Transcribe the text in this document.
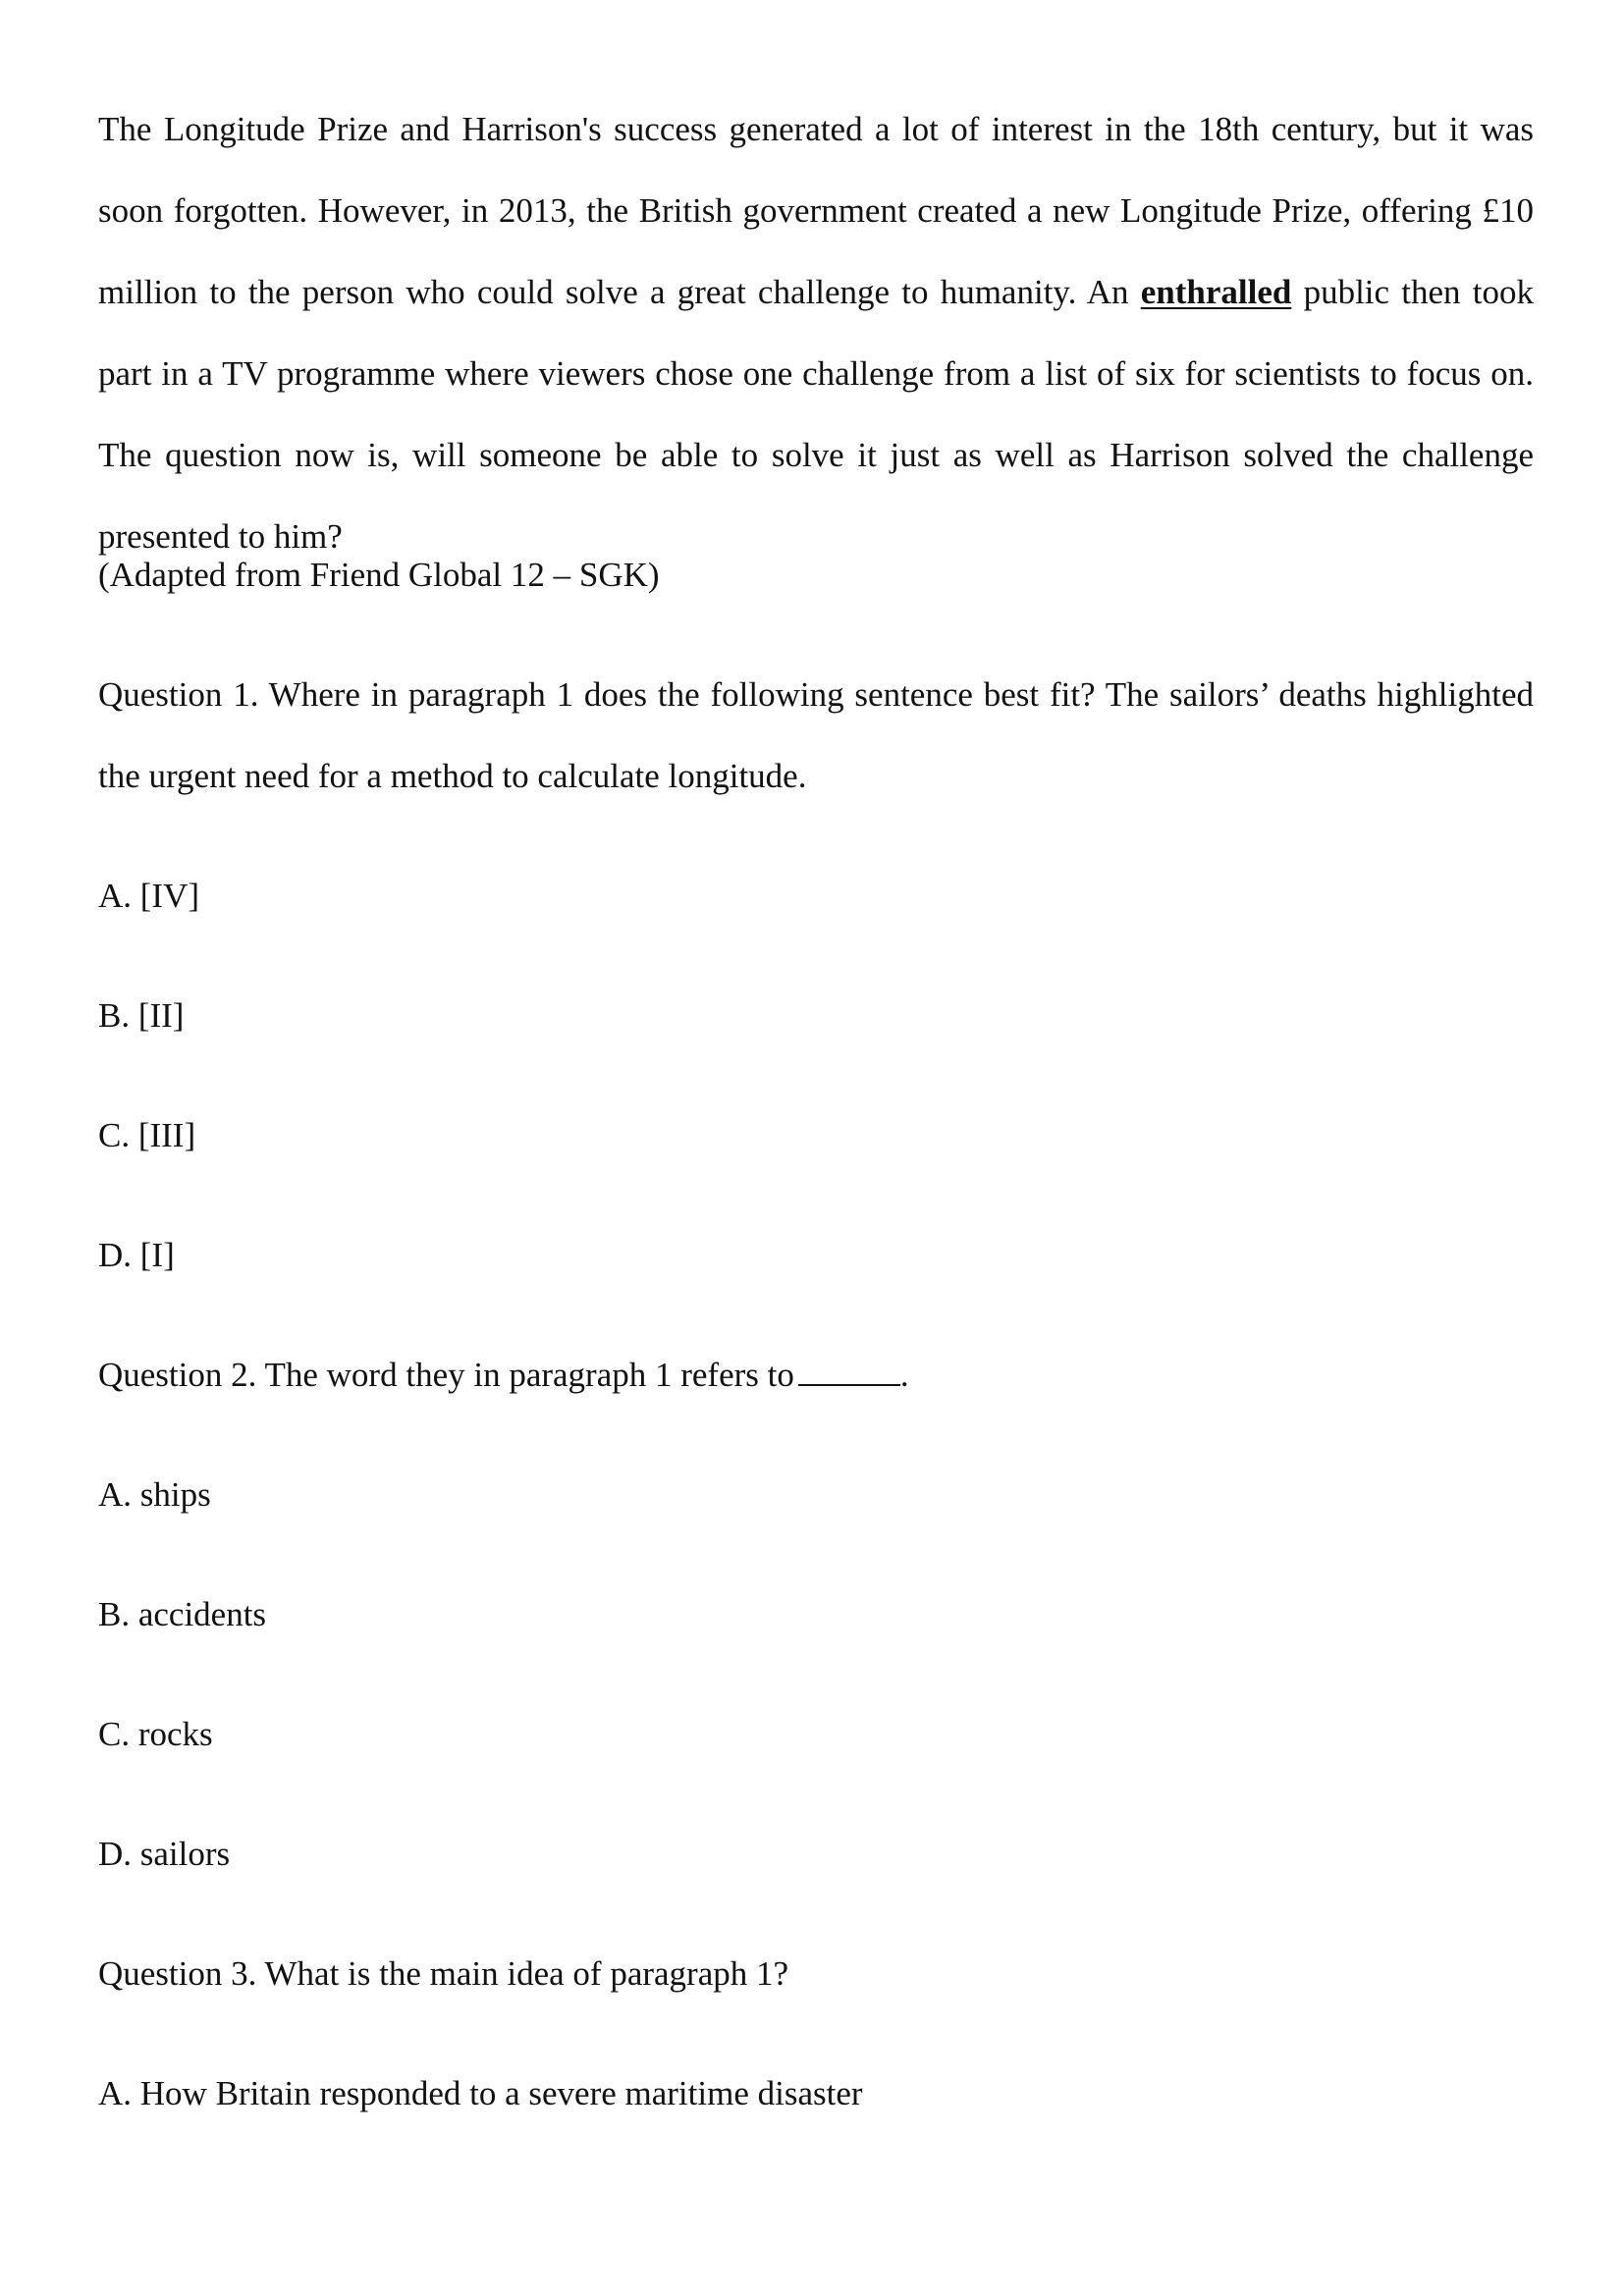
The Longitude Prize and Harrison's success generated a lot of interest in the 18th century, but it was soon forgotten. However, in 2013, the British government created a new Longitude Prize, offering £10 million to the person who could solve a great challenge to humanity. An enthralled public then took part in a TV programme where viewers chose one challenge from a list of six for scientists to focus on. The question now is, will someone be able to solve it just as well as Harrison solved the challenge presented to him?

(Adapted from Friend Global 12 – SGK)

Question 1. Where in paragraph 1 does the following sentence best fit? The sailors’ deaths highlighted the urgent need for a method to calculate longitude.

A. [IV]

B. [II]

C. [III]

D. [I]

Question 2. The word they in paragraph 1 refers to	.

A. ships

B. accidents

C. rocks

D. sailors

Question 3. What is the main idea of paragraph 1?

A. How Britain responded to a severe maritime disaster
